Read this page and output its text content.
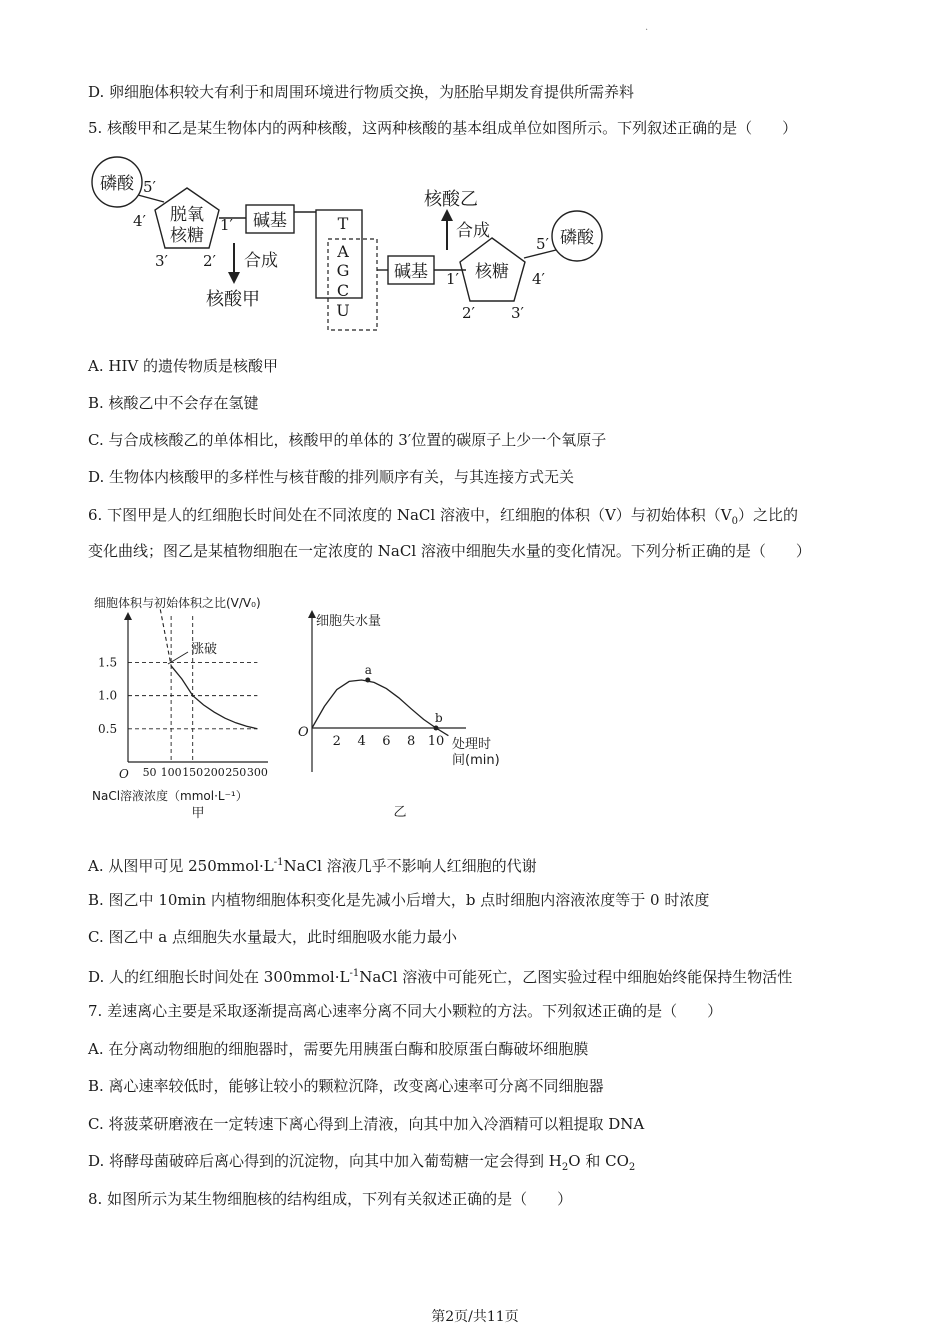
.
D. 卵细胞体积较大有利于和周围环境进行物质交换，为胚胎早期发育提供所需养料
5. 核酸甲和乙是某生物体内的两种核酸，这两种核酸的基本组成单位如图所示。下列叙述正确的是（　　）
磷酸 5′
4′ 脱氧
核糖
1′
3′ 2′
碱基
合成
核酸甲
T
A
G
C
U
碱基 1′ 核糖
2′ 3′
4′
5′ 磷酸
合成
核酸乙
A. HIV 的遗传物质是核酸甲
B. 核酸乙中不会存在氢键
C. 与合成核酸乙的单体相比，核酸甲的单体的 3′位置的碳原子上少一个氧原子
D. 生物体内核酸甲的多样性与核苷酸的排列顺序有关，与其连接方式无关
6. 下图甲是人的红细胞长时间处在不同浓度的 NaCl 溶液中，红细胞的体积（V）与初始体积$(V_0)$之比的
变化曲线；图乙是某植物细胞在一定浓度的 NaCl 溶液中细胞失水量的变化情况。下列分析正确的是（　　）
细胞体积与初始体积之比(V/V₀)
O
0.5
1.0
1.5
50 100 150 200 250 300
涨破
NaCl溶液浓度（mmol·L⁻¹）
甲
细胞失水量
O
2 4 6 8 10
a
b
处理时
间(min)
乙
A. 从图甲可见 $250mmol\cdot L^{-1}NaCl$ 溶液几乎不影响人红细胞的代谢
B. 图乙中 10min 内植物细胞体积变化是先减小后增大，b 点时细胞内溶液浓度等于 0 时浓度
C. 图乙中 a 点细胞失水量最大，此时细胞吸水能力最小
D. 人的红细胞长时间处在 $300mmol\cdot L^{-1}NaCl$ 溶液中可能死亡，乙图实验过程中细胞始终能保持生物活性
7. 差速离心主要是采取逐渐提高离心速率分离不同大小颗粒的方法。下列叙述正确的是（　　）
A. 在分离动物细胞的细胞器时，需要先用胰蛋白酶和胶原蛋白酶破坏细胞膜
B. 离心速率较低时，能够让较小的颗粒沉降，改变离心速率可分离不同细胞器
C. 将菠菜研磨液在一定转速下离心得到上清液，向其中加入冷酒精可以粗提取 DNA
D. 将酵母菌破碎后离心得到的沉淀物，向其中加入葡萄糖一定会得到 $H_2O$ 和 $CO_2$
8. 如图所示为某生物细胞核的结构组成，下列有关叙述正确的是（　　）
第2页/共11页
